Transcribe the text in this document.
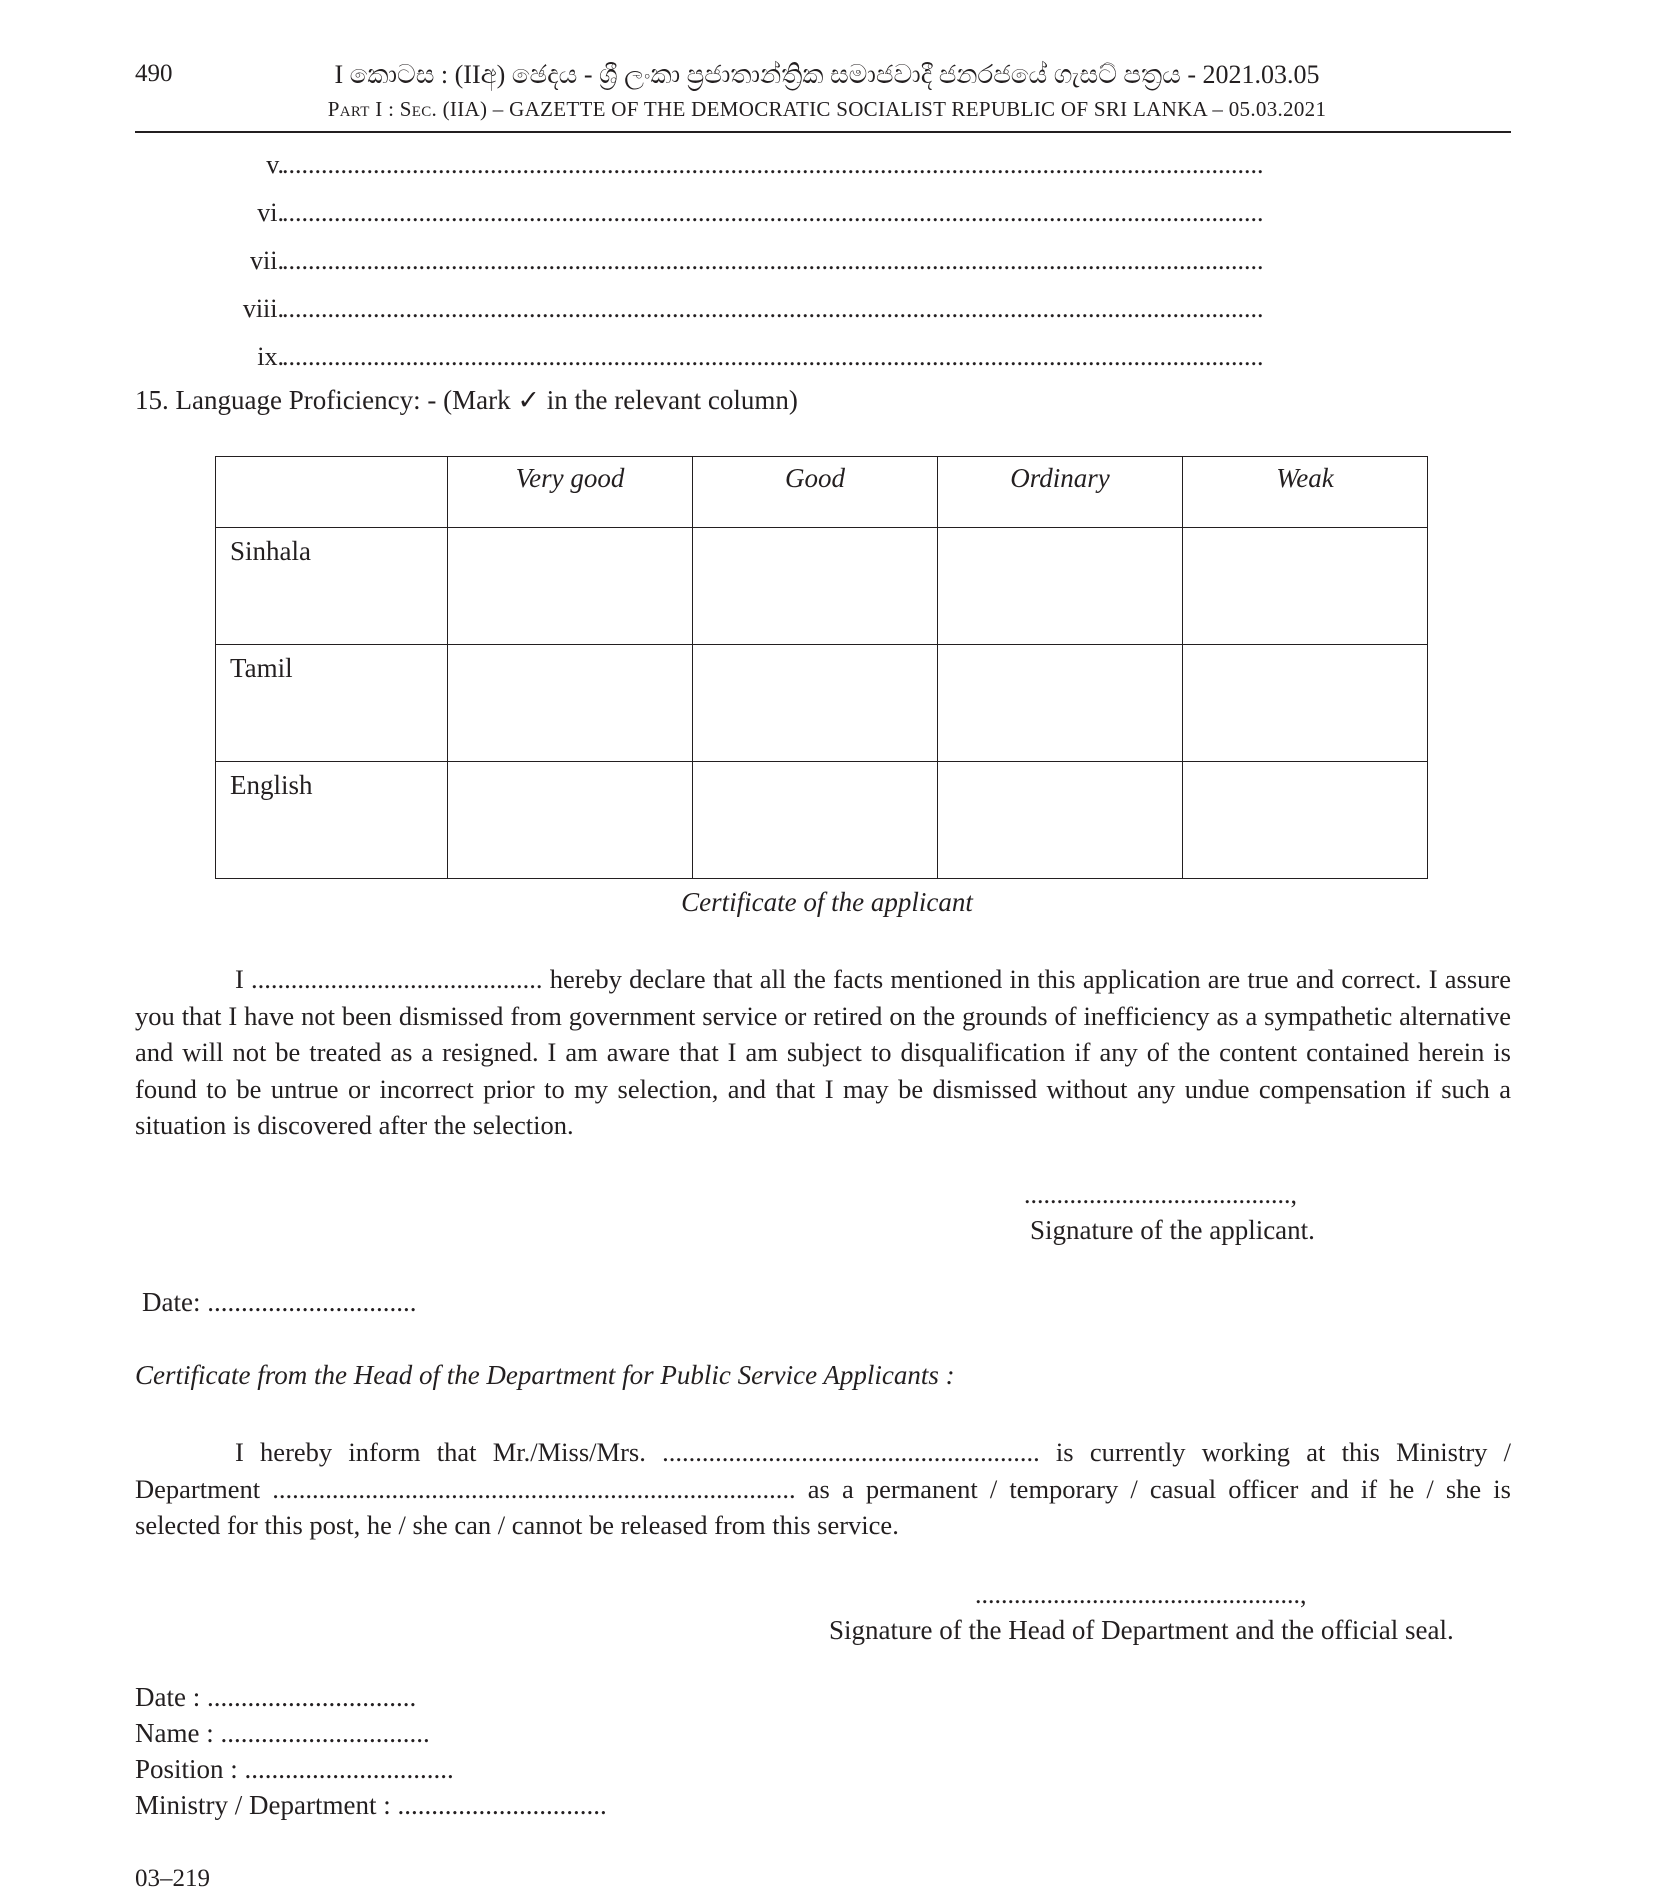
490	I කොටස : (IIඅ) ඡෙදය - ශ්‍රී ලංකා ප්‍රජාතාන්ත්‍රික සමාජවාදී ජනරජයේ ගැසට් පත්‍රය - 2021.03.05
Part I : Sec. (IIA) – GAZETTE OF THE DEMOCRATIC SOCIALIST REPUBLIC OF SRI LANKA – 05.03.2021
v.
.......................................................................................................................................................
vi.
.......................................................................................................................................................
vii.
.......................................................................................................................................................
viii.
.......................................................................................................................................................
ix.
.......................................................................................................................................................
15. Language Proficiency: - (Mark ✓ in the relevant column)
	Very good	Good	Ordinary	Weak
Sinhala				
Tamil				
English				
Certificate of the applicant
I ............................................ hereby declare that all the facts mentioned in this application are true and correct. I assure you that I have not been dismissed from government service or retired on the grounds of inefficiency as a sympathetic alternative and will not be treated as a resigned. I am aware that I am subject to disqualification if any of the content contained herein is found to be untrue or incorrect prior to my selection, and that I may be dismissed without any undue compensation if such a situation is discovered after the selection.
.........................................,
Signature of the applicant.
Date: ...............................
Certificate from the Head of the Department for Public Service Applicants :
I hereby inform that Mr./Miss/Mrs. ......................................................... is currently working at this Ministry / Department ............................................................................... as a permanent / temporary / casual officer and if he / she is selected for this post, he / she can / cannot be released from this service.
..................................................,
Signature of the Head of Department and the official seal.
Date : ...............................
Name : ...............................
Position : ...............................
Ministry / Department : ...............................
03–219
